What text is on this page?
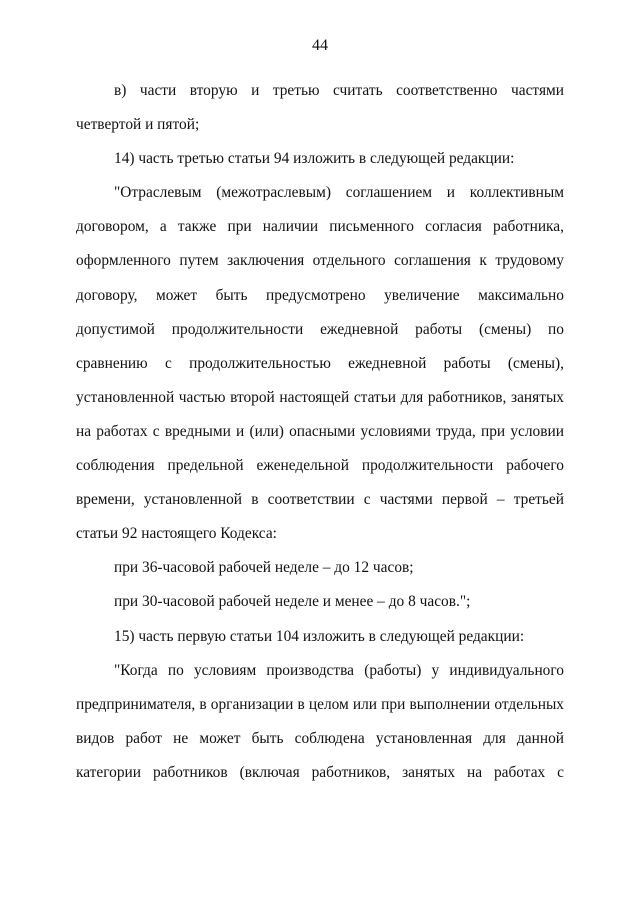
44

в) части вторую и третью считать соответственно частями четвертой и пятой;

14) часть третью статьи 94 изложить в следующей редакции:

"Отраслевым (межотраслевым) соглашением и коллективным договором, а также при наличии письменного согласия работника, оформленного путем заключения отдельного соглашения к трудовому договору, может быть предусмотрено увеличение максимально допустимой продолжительности ежедневной работы (смены) по сравнению с продолжительностью ежедневной работы (смены), установленной частью второй настоящей статьи для работников, занятых на работах с вредными и (или) опасными условиями труда, при условии соблюдения предельной еженедельной продолжительности рабочего времени, установленной в соответствии с частями первой – третьей статьи 92 настоящего Кодекса:

при 36-часовой рабочей неделе – до 12 часов;

при 30-часовой рабочей неделе и менее – до 8 часов.";

15) часть первую статьи 104 изложить в следующей редакции:

"Когда по условиям производства (работы) у индивидуального предпринимателя, в организации в целом или при выполнении отдельных видов работ не может быть соблюдена установленная для данной категории работников (включая работников, занятых на работах с
